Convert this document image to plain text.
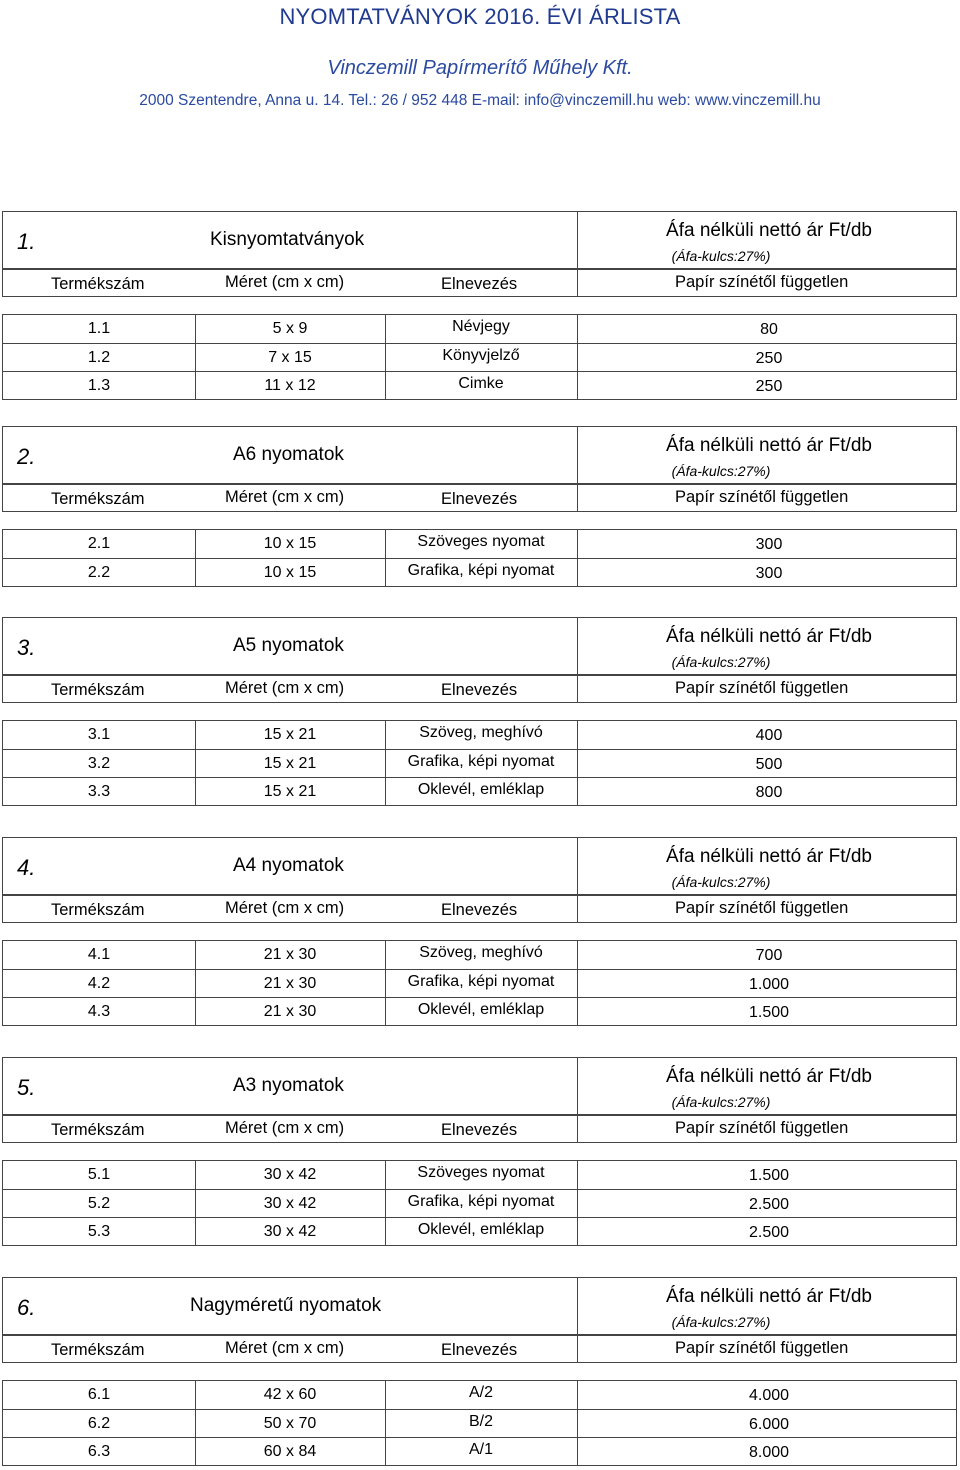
NYOMTATVÁNYOK 2016. ÉVI ÁRLISTA
Vinczemill Papírmerítő Műhely Kft.
2000 Szentendre, Anna u. 14. Tel.: 26 / 952 448 E-mail: info@vinczemill.hu web: www.vinczemill.hu
1.	Kisnyomtatványok	Áfa nélküli nettó ár Ft/db
(Áfa-kulcs:27%)
Termékszám	Méret (cm x cm)	Elnevezés	Papír színétől független
1.1	5 x 9	Névjegy	80
1.2	7 x 15	Könyvjelző	250
1.3	11 x 12	Cimke	250
2.	A6 nyomatok	Áfa nélküli nettó ár Ft/db
(Áfa-kulcs:27%)
Termékszám	Méret (cm x cm)	Elnevezés	Papír színétől független
2.1	10 x 15	Szöveges nyomat	300
2.2	10 x 15	Grafika, képi nyomat	300
3.	A5 nyomatok	Áfa nélküli nettó ár Ft/db
(Áfa-kulcs:27%)
Termékszám	Méret (cm x cm)	Elnevezés	Papír színétől független
3.1	15 x 21	Szöveg, meghívó	400
3.2	15 x 21	Grafika, képi nyomat	500
3.3	15 x 21	Oklevél, emléklap	800
4.	A4 nyomatok	Áfa nélküli nettó ár Ft/db
(Áfa-kulcs:27%)
Termékszám	Méret (cm x cm)	Elnevezés	Papír színétől független
4.1	21 x 30	Szöveg, meghívó	700
4.2	21 x 30	Grafika, képi nyomat	1.000
4.3	21 x 30	Oklevél, emléklap	1.500
5.	A3 nyomatok	Áfa nélküli nettó ár Ft/db
(Áfa-kulcs:27%)
Termékszám	Méret (cm x cm)	Elnevezés	Papír színétől független
5.1	30 x 42	Szöveges nyomat	1.500
5.2	30 x 42	Grafika, képi nyomat	2.500
5.3	30 x 42	Oklevél, emléklap	2.500
6.	Nagyméretű nyomatok	Áfa nélküli nettó ár Ft/db
(Áfa-kulcs:27%)
Termékszám	Méret (cm x cm)	Elnevezés	Papír színétől független
6.1	42 x 60	A/2	4.000
6.2	50 x 70	B/2	6.000
6.3	60 x 84	A/1	8.000
